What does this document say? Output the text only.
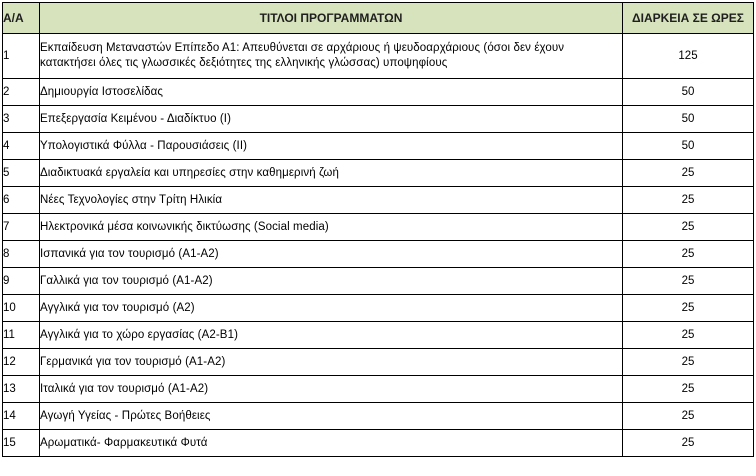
Α/Α	ΤΙΤΛΟΙ ΠΡΟΓΡΑΜΜΑΤΩΝ	ΔΙΑΡΚΕΙΑ ΣΕ ΩΡΕΣ
1	Εκπαίδευση Μεταναστών Επίπεδο Α1: Απευθύνεται σε αρχάριους ή ψευδοαρχάριους (όσοι δεν έχουν κατακτήσει όλες τις γλωσσικές δεξιότητες της ελληνικής γλώσσας) υποψηφίους	125
2	Δημιουργία Ιστοσελίδας	50
3	Επεξεργασία Κειμένου - Διαδίκτυο (Ι)	50
4	Υπολογιστικά Φύλλα - Παρουσιάσεις (ΙΙ)	50
5	Διαδικτυακά εργαλεία και υπηρεσίες στην καθημερινή ζωή	25
6	Νέες Τεχνολογίες στην Τρίτη Ηλικία	25
7	Ηλεκτρονικά μέσα κοινωνικής δικτύωσης (Social media)	25
8	Ισπανικά για τον τουρισμό (Α1-Α2)	25
9	Γαλλικά για τον τουρισμό (Α1-Α2)	25
10	Αγγλικά για τον τουρισμό (Α2)	25
11	Αγγλικά για το χώρο εργασίας (Α2-Β1)	25
12	Γερμανικά για τον τουρισμό (Α1-Α2)	25
13	Ιταλικά για τον τουρισμό (Α1-Α2)	25
14	Αγωγή Υγείας - Πρώτες Βοήθειες	25
15	Αρωματικά- Φαρμακευτικά Φυτά	25
